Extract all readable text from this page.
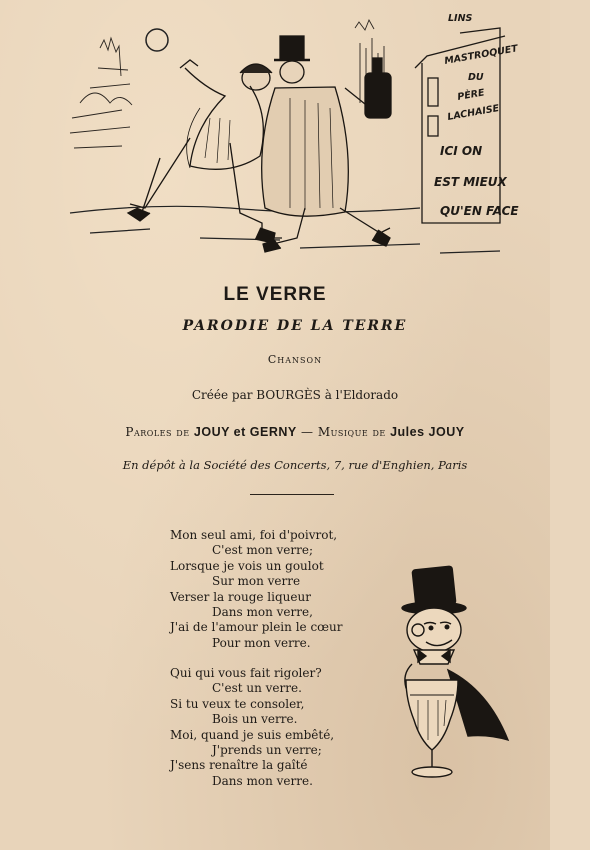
LINS
MASTROQUET
DU
PÈRE
LACHAISE
ICI ON
EST MIEUX
QU'EN FACE
LE VERRE
PARODIE DE LA TERRE
Chanson
Créée par BOURGÈS à l'Eldorado
Paroles de JOUY et GERNY — Musique de Jules JOUY
En dépôt à la Société des Concerts, 7, rue d'Enghien, Paris
Mon seul ami, foi d'poivrot,
C'est mon verre;
Lorsque je vois un goulot
Sur mon verre
Verser la rouge liqueur
Dans mon verre,
J'ai de l'amour plein le cœur
Pour mon verre.
Qui qui vous fait rigoler?
C'est un verre.
Si tu veux te consoler,
Bois un verre.
Moi, quand je suis embêté,
J'prends un verre;
J'sens renaître la gaîté
Dans mon verre.
